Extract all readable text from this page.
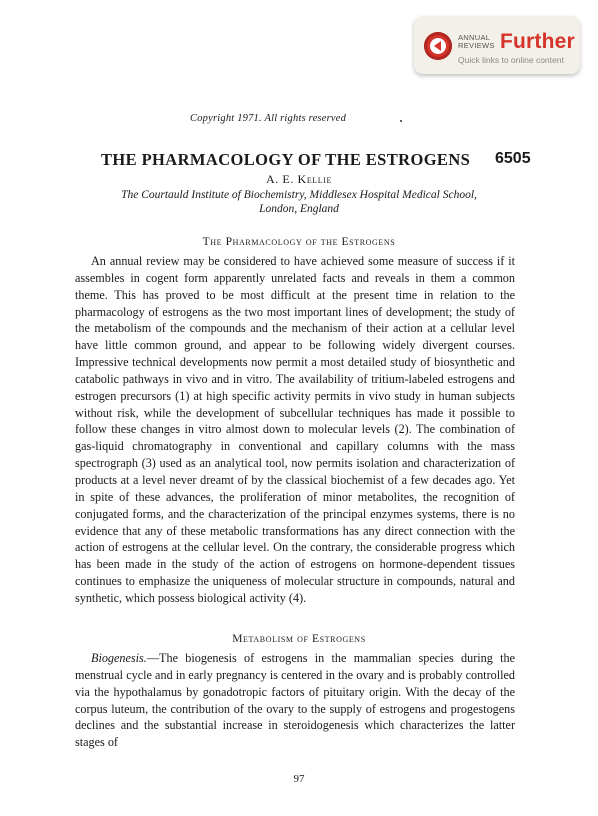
ANNUAL
REVIEWS Further
Quick links to online content
Copyright 1971. All rights reserved
THE PHARMACOLOGY OF THE ESTROGENS 6505
A. E. Kellie
The Courtauld Institute of Biochemistry, Middlesex Hospital Medical School,
London, England
The Pharmacology of the Estrogens
An annual review may be considered to have achieved some measure of success if it assembles in cogent form apparently unrelated facts and reveals in them a common theme. This has proved to be most difficult at the present time in relation to the pharmacology of estrogens as the two most important lines of development; the study of the metabolism of the compounds and the mechanism of their action at a cellular level have little common ground, and appear to be following widely divergent courses. Impressive technical developments now permit a most detailed study of biosynthetic and catabolic pathways in vivo and in vitro. The availability of tritium-labeled estrogens and estrogen precursors (1) at high specific activity permits in vivo study in human subjects without risk, while the development of subcellular techniques has made it possible to follow these changes in vitro almost down to molecular levels (2). The combination of gas-liquid chromatography in conventional and capillary columns with the mass spectrograph (3) used as an analytical tool, now permits isolation and characterization of products at a level never dreamt of by the classical biochemist of a few decades ago. Yet in spite of these advances, the proliferation of minor metabolites, the recognition of conjugated forms, and the characterization of the principal enzymes systems, there is no evidence that any of these metabolic transformations has any direct connection with the action of estrogens at the cellular level. On the contrary, the considerable progress which has been made in the study of the action of estrogens on hormone-dependent tissues continues to emphasize the uniqueness of molecular structure in compounds, natural and synthetic, which possess biological activity (4).
Metabolism of Estrogens
Biogenesis.—The biogenesis of estrogens in the mammalian species during the menstrual cycle and in early pregnancy is centered in the ovary and is probably controlled via the hypothalamus by gonadotropic factors of pituitary origin. With the decay of the corpus luteum, the contribution of the ovary to the supply of estrogens and progestogens declines and the substantial increase in steroidogenesis which characterizes the latter stages of
97
